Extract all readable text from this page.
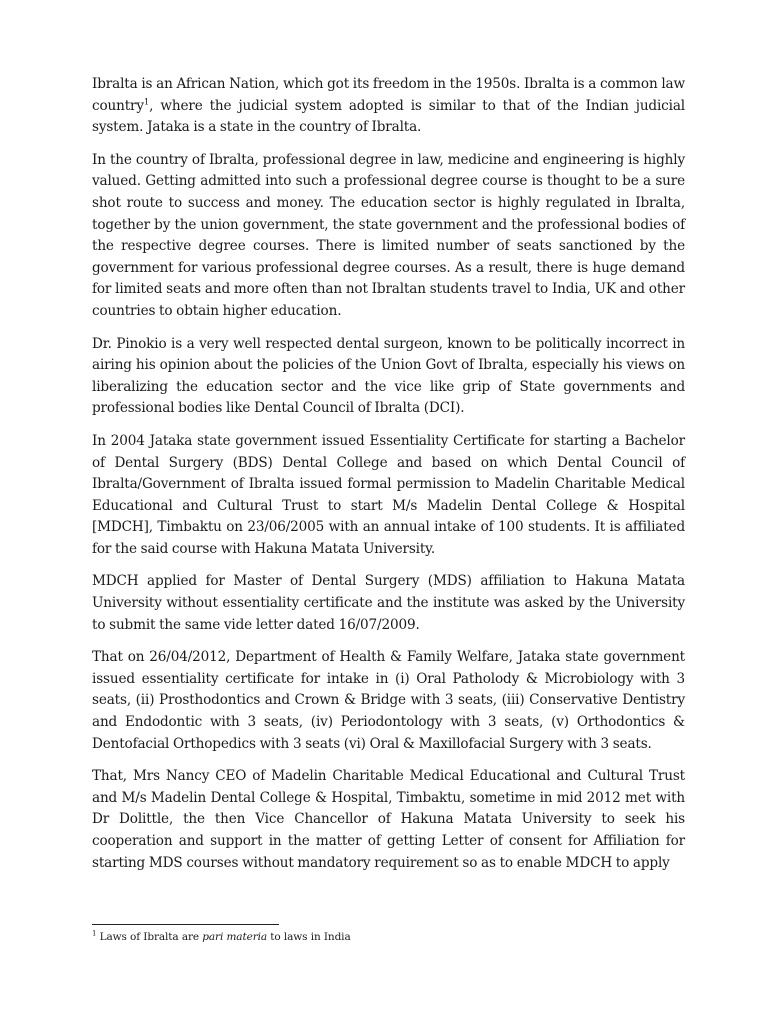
Ibralta is an African Nation, which got its freedom in the 1950s. Ibralta is a common law country$^1$, where the judicial system adopted is similar to that of the Indian judicial system. Jataka is a state in the country of Ibralta.

In the country of Ibralta, professional degree in law, medicine and engineering is highly valued. Getting admitted into such a professional degree course is thought to be a sure shot route to success and money. The education sector is highly regulated in Ibralta, together by the union government, the state government and the professional bodies of the respective degree courses. There is limited number of seats sanctioned by the government for various professional degree courses. As a result, there is huge demand for limited seats and more often than not Ibraltan students travel to India, UK and other countries to obtain higher education.

Dr. Pinokio is a very well respected dental surgeon, known to be politically incorrect in airing his opinion about the policies of the Union Govt of Ibralta, especially his views on liberalizing the education sector and the vice like grip of State governments and professional bodies like Dental Council of Ibralta (DCI).

In 2004 Jataka state government issued Essentiality Certificate for starting a Bachelor of Dental Surgery (BDS) Dental College and based on which Dental Council of Ibralta/Government of Ibralta issued formal permission to Madelin Charitable Medical Educational and Cultural Trust to start M/s Madelin Dental College & Hospital [MDCH], Timbaktu on 23/06/2005 with an annual intake of 100 students. It is affiliated for the said course with Hakuna Matata University.

MDCH applied for Master of Dental Surgery (MDS) affiliation to Hakuna Matata University without essentiality certificate and the institute was asked by the University to submit the same vide letter dated 16/07/2009.

That on 26/04/2012, Department of Health & Family Welfare, Jataka state government issued essentiality certificate for intake in (i) Oral Patholody & Microbiology with 3 seats, (ii) Prosthodontics and Crown & Bridge with 3 seats, (iii) Conservative Dentistry and Endodontic with 3 seats, (iv) Periodontology with 3 seats, (v) Orthodontics & Dentofacial Orthopedics with 3 seats (vi) Oral & Maxillofacial Surgery with 3 seats.

That, Mrs Nancy CEO of Madelin Charitable Medical Educational and Cultural Trust and M/s Madelin Dental College & Hospital, Timbaktu, sometime in mid 2012 met with Dr Dolittle, the then Vice Chancellor of Hakuna Matata University to seek his cooperation and support in the matter of getting Letter of consent for Affiliation for starting MDS courses without mandatory requirement so as to enable MDCH to apply

$^1$ Laws of Ibralta are pari materia to laws in India
